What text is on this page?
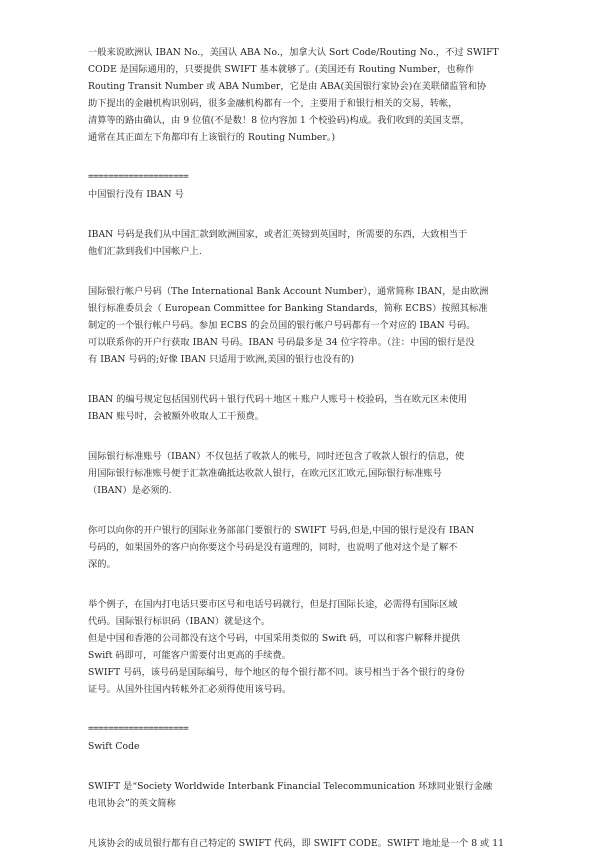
一般来说欧洲认 IBAN No.，美国认 ABA No.，加拿大认 Sort Code/Routing No.，不过 SWIFT
CODE 是国际通用的，只要提供 SWIFT 基本就够了。(美国还有 Routing Number，也称作
Routing Transit Number 或 ABA Number，它是由 ABA(美国银行家协会)在美联储监管和协
助下提出的金融机构识别码，很多金融机构都有一个，主要用于和银行相关的交易，转帐，
清算等的路由确认，由 9 位值(不是数！8 位内容加 1 个校验码)构成。我们收到的美国支票，
通常在其正面左下角都印有上该银行的 Routing Number。)
====================
中国银行没有 IBAN 号
IBAN 号码是我们从中国汇款到欧洲国家，或者汇英镑到英国时，所需要的东西，大致相当于
他们汇款到我们中国帐户上.
国际银行帐户号码（The International Bank Account Number），通常简称 IBAN，是由欧洲
银行标准委员会（ European Committee for Banking Standards，简称 ECBS）按照其标准
制定的一个银行帐户号码。参加 ECBS 的会员国的银行帐户号码都有一个对应的 IBAN 号码。
可以联系你的开户行获取 IBAN 号码。IBAN 号码最多是 34 位字符串。（注：中国的银行是没
有 IBAN 号码的;好像 IBAN 只适用于欧洲,美国的银行也没有的)
IBAN 的编号规定包括国别代码＋银行代码＋地区＋账户人账号＋校验码，当在欧元区未使用
IBAN 账号时，会被额外收取人工干预费。
国际银行标准账号（IBAN）不仅包括了收款人的帐号，同时还包含了收款人银行的信息，使
用国际银行标准账号便于汇款准确抵达收款人银行，在欧元区汇欧元,国际银行标准账号
（IBAN）是必须的.
你可以向你的开户银行的国际业务部部门要银行的 SWIFT 号码,但是,中国的银行是没有 IBAN
号码的，如果国外的客户向你要这个号码是没有道理的，同时，也说明了他对这个是了解不
深的。
举个例子，在国内打电话只要市区号和电话号码就行，但是打国际长途，必需得有国际区域
代码。国际银行标识码（IBAN）就是这个。
但是中国和香港的公司都没有这个号码，中国采用类似的 Swift 码，可以和客户解释并提供
Swift 码即可，可能客户需要付出更高的手续费。
SWIFT 号码，该号码是国际编号，每个地区的每个银行都不同。该号相当于各个银行的身份
证号。从国外往国内转帐外汇必须得使用该号码。
====================
Swift Code
SWIFT 是“Society Worldwide Interbank Financial Telecommunication 环球同业银行金融
电讯协会”的英文简称
凡该协会的成员银行都有自己特定的 SWIFT 代码，即 SWIFT CODE。SWIFT 地址是一个 8 或 11
